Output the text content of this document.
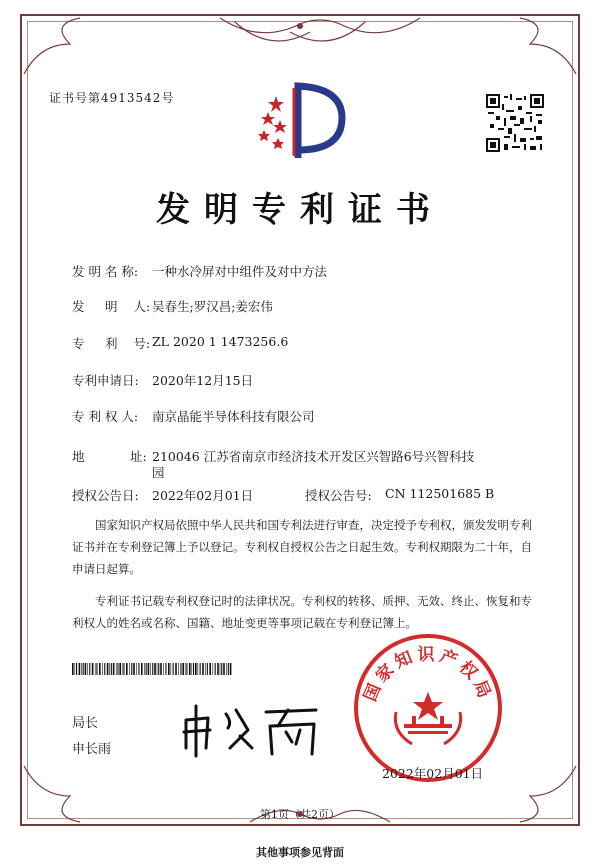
证书号第4913542号
发明专利证书
发 明 名 称: 一种水冷屏对中组件及对中方法
发　  明    人: 吴春生;罗汉昌;姜宏伟
专　  利    号: ZL 2020 1 1473256.6
专利申请日: 2020年12月15日
专 利 权 人: 南京晶能半导体科技有限公司
地　　　  址: 210046 江苏省南京市经济技术开发区兴智路6号兴智科技
园
授权公告日: 2022年02月01日	授权公告号: CN 112501685 B

国家知识产权局依照中华人民共和国专利法进行审查，决定授予专利权，颁发发明专利证书并在专利登记簿上予以登记。专利权自授权公告之日起生效。专利权期限为二十年，自申请日起算。

专利证书记载专利权登记时的法律状况。专利权的转移、质押、无效、终止、恢复和专利权人的姓名或名称、国籍、地址变更等事项记载在专利登记簿上。

局长
申长雨
国家知识产权局
2022年02月01日
第1页（共2页）
其他事项参见背面
